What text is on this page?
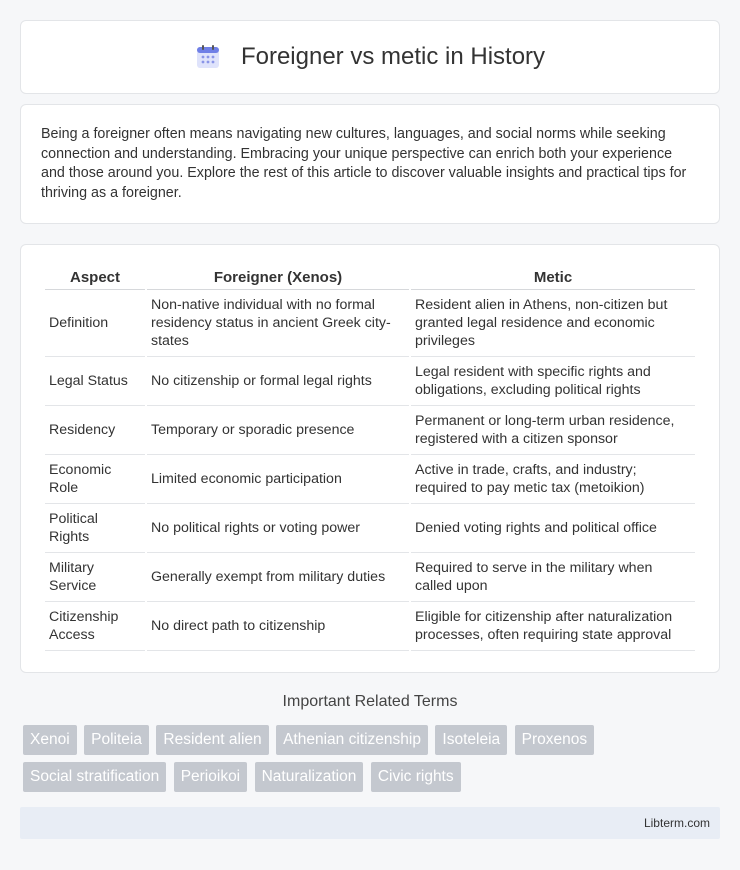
Foreigner vs metic in History

Being a foreigner often means navigating new cultures, languages, and social norms while seeking connection and understanding. Embracing your unique perspective can enrich both your experience and those around you. Explore the rest of this article to discover valuable insights and practical tips for thriving as a foreigner.

Aspect	Foreigner (Xenos)	Metic
Definition	Non-native individual with no formal residency status in ancient Greek city-states	Resident alien in Athens, non-citizen but granted legal residence and economic privileges
Legal Status	No citizenship or formal legal rights	Legal resident with specific rights and obligations, excluding political rights
Residency	Temporary or sporadic presence	Permanent or long-term urban residence, registered with a citizen sponsor
Economic Role	Limited economic participation	Active in trade, crafts, and industry; required to pay metic tax (metoikion)
Political Rights	No political rights or voting power	Denied voting rights and political office
Military Service	Generally exempt from military duties	Required to serve in the military when called upon
Citizenship Access	No direct path to citizenship	Eligible for citizenship after naturalization processes, often requiring state approval
Important Related Terms
Xenoi Politeia Resident alien Athenian citizenship Isoteleia Proxenos Social stratification Perioikoi Naturalization Civic rights
Libterm.com
